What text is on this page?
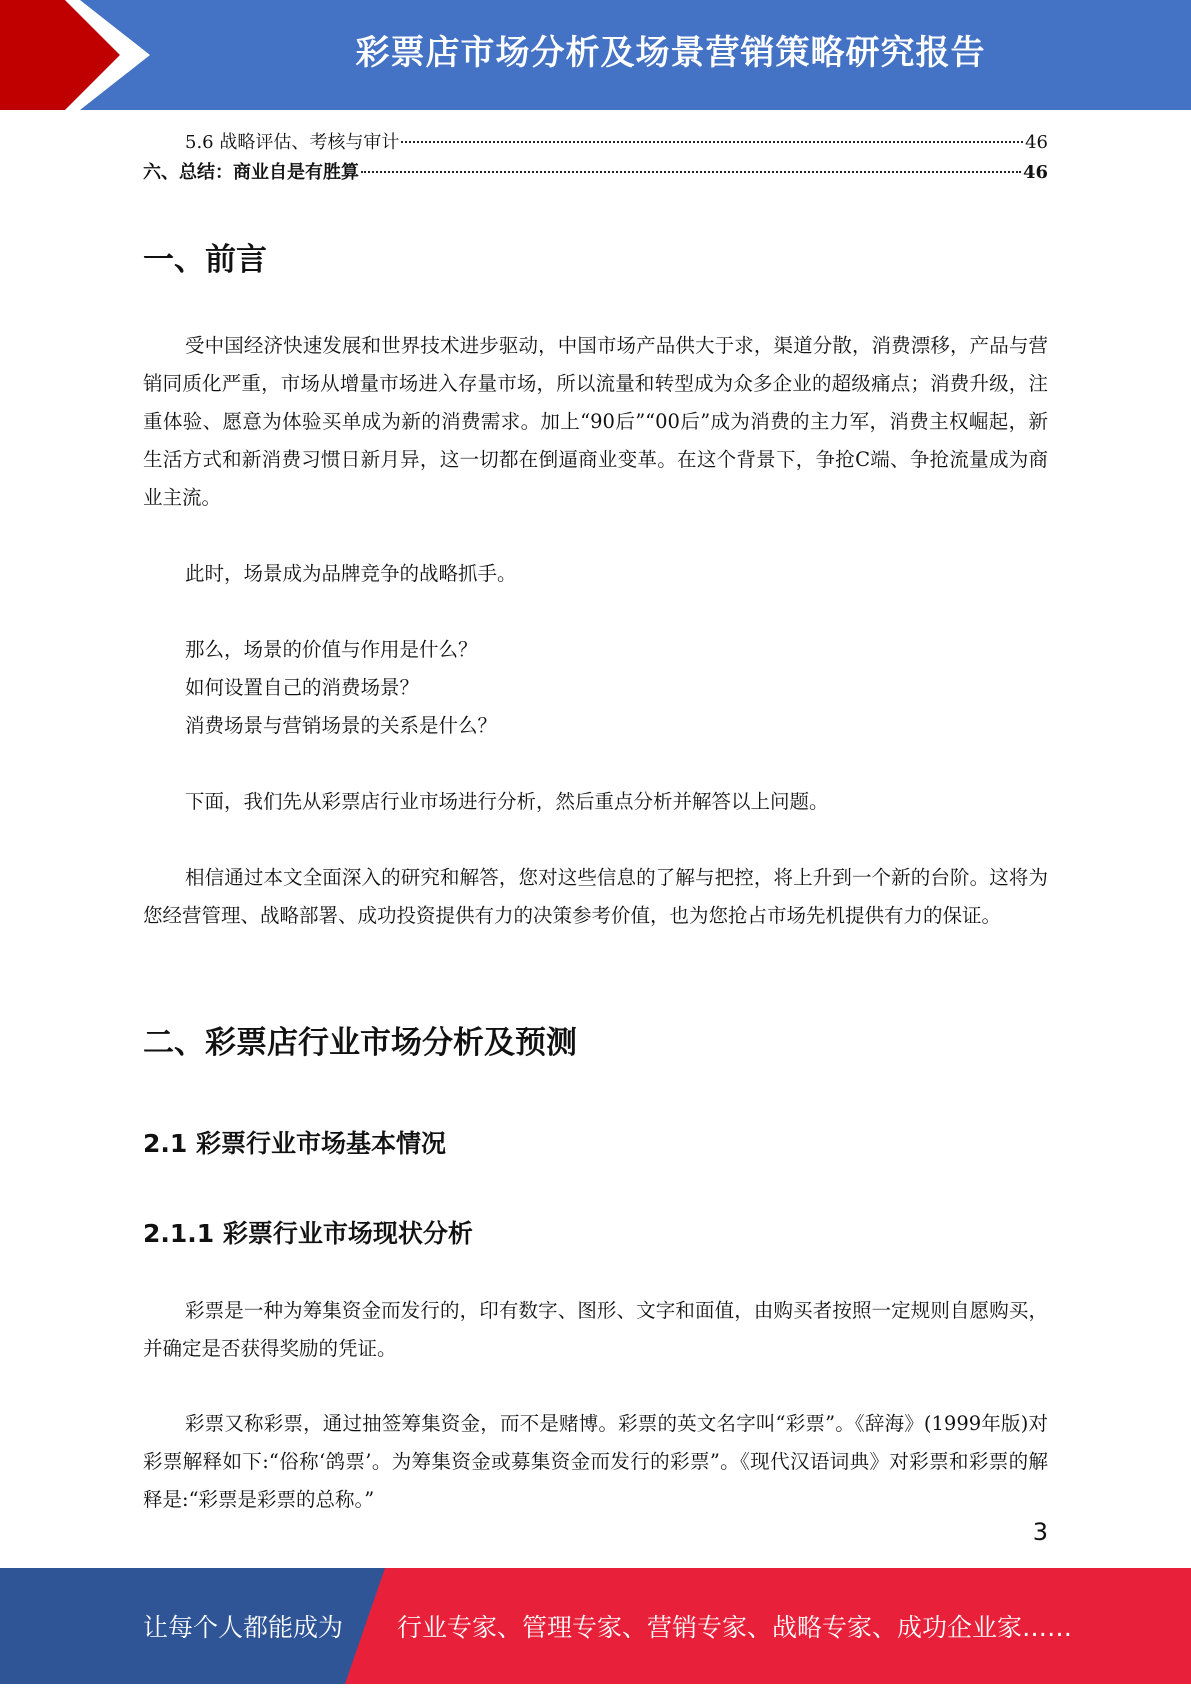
彩票店市场分析及场景营销策略研究报告
5.6 战略评估、考核与审计	46
六、总结：商业自是有胜算	46
一、前言

受中国经济快速发展和世界技术进步驱动，中国市场产品供大于求，渠道分散，消费漂移，产品与营销同质化严重，市场从增量市场进入存量市场，所以流量和转型成为众多企业的超级痛点；消费升级，注重体验、愿意为体验买单成为新的消费需求。加上“90后”“00后”成为消费的主力军，消费主权崛起，新生活方式和新消费习惯日新月异，这一切都在倒逼商业变革。在这个背景下，争抢C端、争抢流量成为商业主流。

此时，场景成为品牌竞争的战略抓手。
那么，场景的价值与作用是什么？
如何设置自己的消费场景？
消费场景与营销场景的关系是什么？
下面，我们先从彩票店行业市场进行分析，然后重点分析并解答以上问题。

相信通过本文全面深入的研究和解答，您对这些信息的了解与把控，将上升到一个新的台阶。这将为您经营管理、战略部署、成功投资提供有力的决策参考价值，也为您抢占市场先机提供有力的保证。

二、彩票店行业市场分析及预测
2.1 彩票行业市场基本情况
2.1.1 彩票行业市场现状分析

彩票是一种为筹集资金而发行的，印有数字、图形、文字和面值，由购买者按照一定规则自愿购买，并确定是否获得奖励的凭证。

彩票又称彩票，通过抽签筹集资金，而不是赌博。彩票的英文名字叫“彩票”。《辞海》(1999年版)对彩票解释如下:“俗称‘鸽票’。为筹集资金或募集资金而发行的彩票”。《现代汉语词典》对彩票和彩票的解释是:“彩票是彩票的总称。”

3
让每个人都能成为 行业专家、管理专家、营销专家、战略专家、成功企业家……
